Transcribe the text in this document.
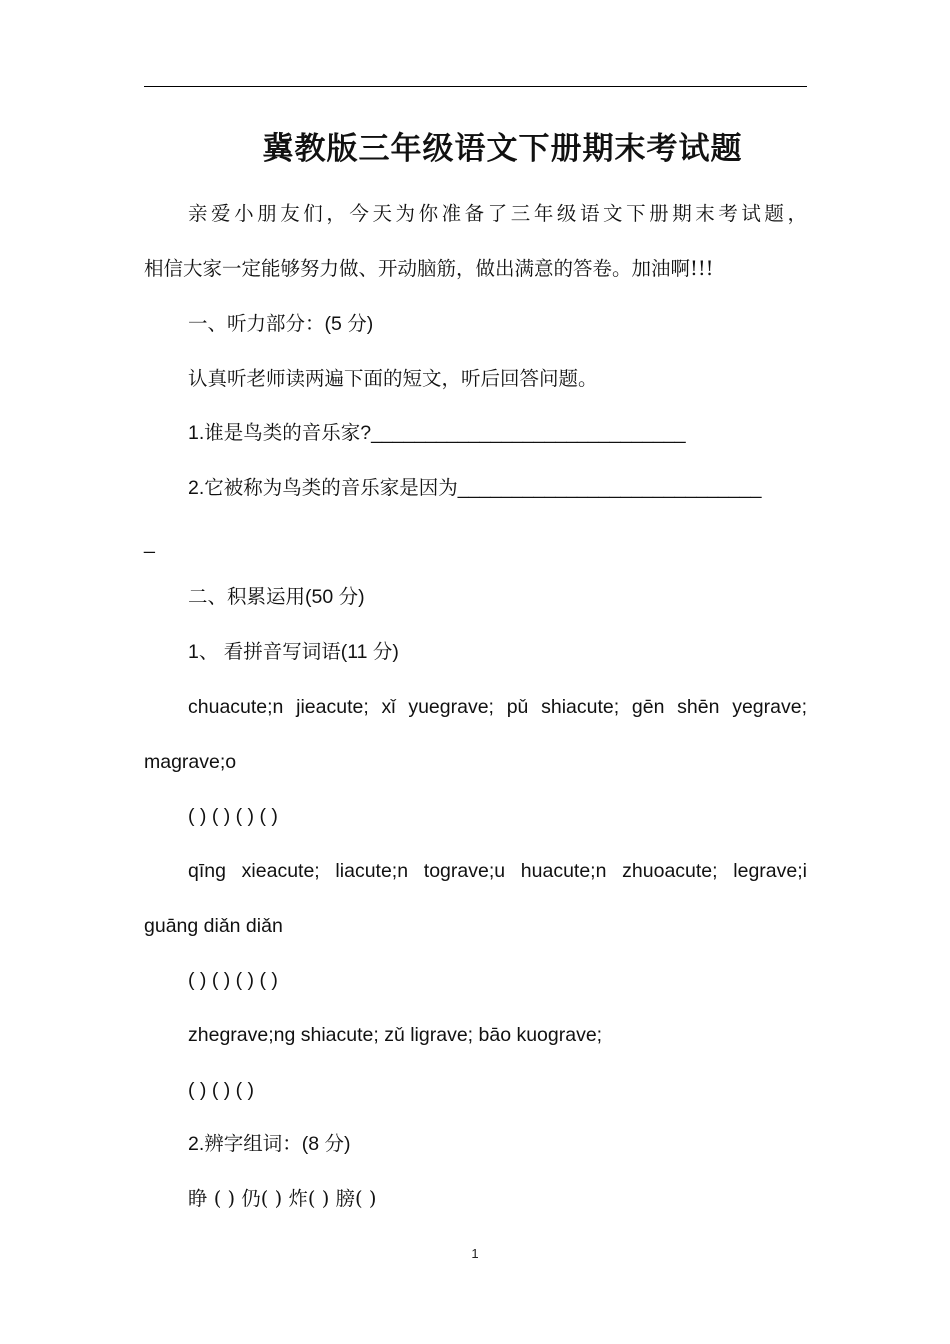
冀教版三年级语文下册期末考试题
亲爱小朋友们，今天为你准备了三年级语文下册期末考试题，
相信大家一定能够努力做、开动脑筋，做出满意的答卷。加油啊!!!
一、听力部分：(5 分)
认真听老师读两遍下面的短文，听后回答问题。
1.谁是鸟类的音乐家?_____________________________
2.它被称为鸟类的音乐家是因为____________________________
_
二、积累运用(50 分)
1、 看拼音写词语(11 分)
chuacute;n jieacute; xǐ yuegrave; pǔ shiacute; gēn shēn yegrave;
magrave;o
( ) ( ) ( ) ( )
qīng xieacute; liacute;n tograve;u huacute;n zhuoacute; legrave;i
guāng diǎn diǎn
( ) ( ) ( ) ( )
zhegrave;ng shiacute; zǔ ligrave; bāo kuograve;
( ) ( ) ( )
2.辨字组词：(8 分)
睁 ( ) 仍( ) 炸( ) 膀( )
1
